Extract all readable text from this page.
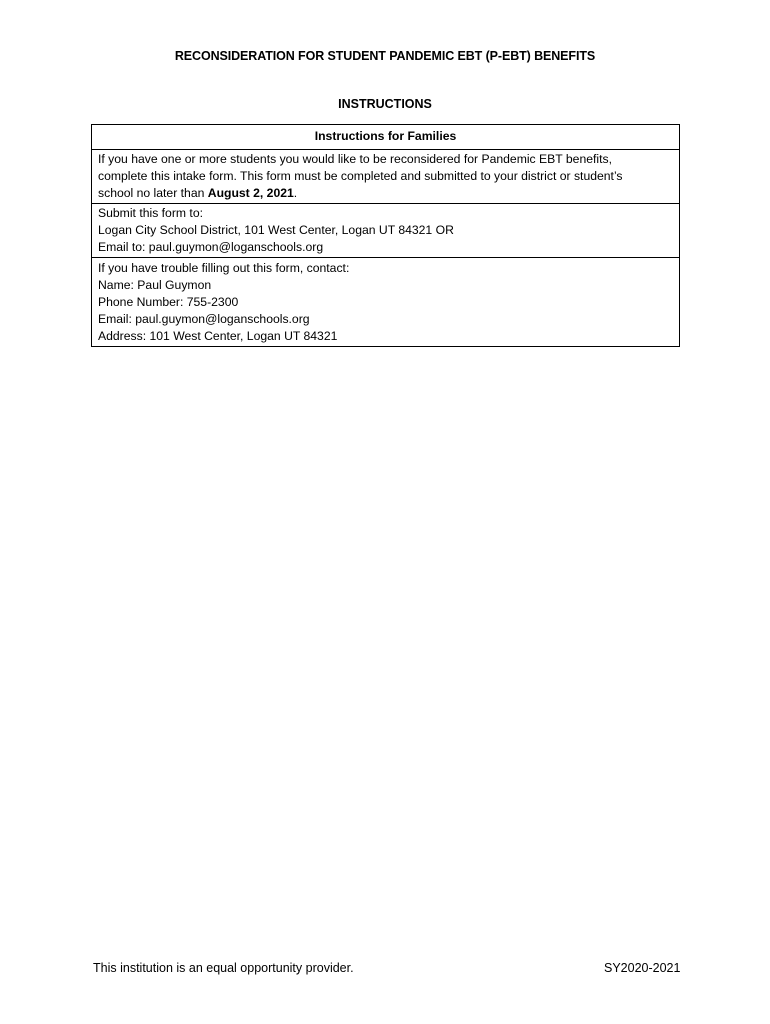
RECONSIDERATION FOR STUDENT PANDEMIC EBT (P-EBT) BENEFITS
INSTRUCTIONS
Instructions for Families

If you have one or more students you would like to be reconsidered for Pandemic EBT benefits,
complete this intake form. This form must be completed and submitted to your district or student’s
school no later than August 2, 2021.

Submit this form to:
Logan City School District, 101 West Center, Logan UT 84321 OR
Email to: paul.guymon@loganschools.org

If you have trouble filling out this form, contact:
Name: Paul Guymon
Phone Number: 755-2300
Email: paul.guymon@loganschools.org
Address: 101 West Center, Logan UT 84321
This institution is an equal opportunity provider.	SY2020-2021
